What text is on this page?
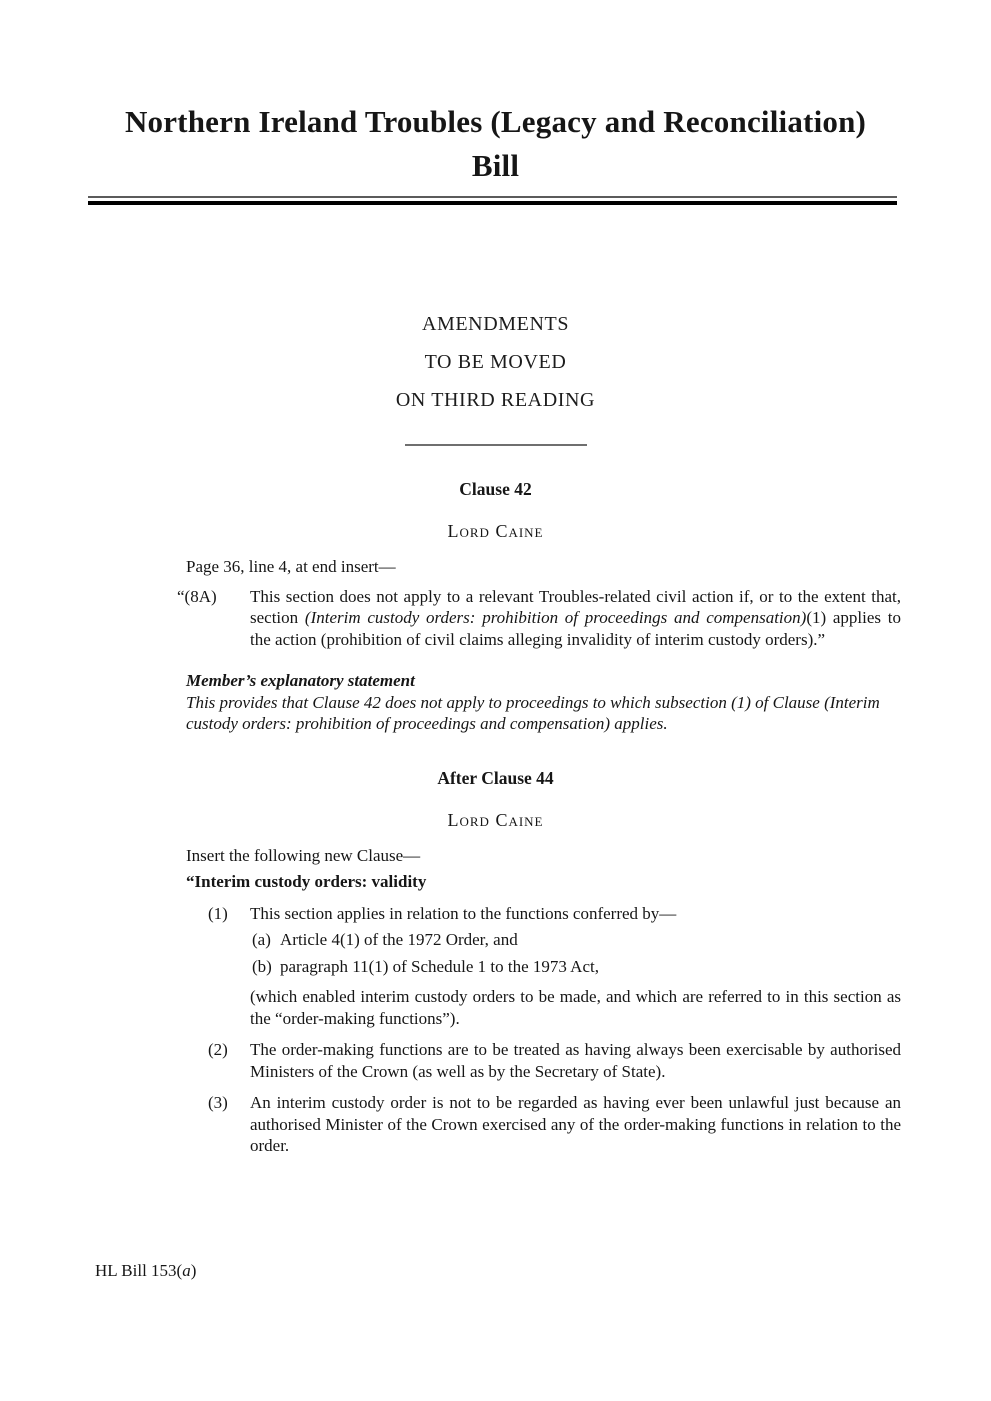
Northern Ireland Troubles (Legacy and Reconciliation)
Bill
AMENDMENTS
TO BE MOVED
ON THIRD READING
Clause 42
Lord Caine
Page 36, line 4, at end insert—
“(8A)	This section does not apply to a relevant Troubles-related civil action if, or to the extent that, section (Interim custody orders: prohibition of proceedings and compensation)(1) applies to the action (prohibition of civil claims alleging invalidity of interim custody orders).”
Member’s explanatory statement
This provides that Clause 42 does not apply to proceedings to which subsection (1) of Clause (Interim custody orders: prohibition of proceedings and compensation) applies.
After Clause 44
Lord Caine
Insert the following new Clause—
“Interim custody orders: validity
(1) This section applies in relation to the functions conferred by—
(a) Article 4(1) of the 1972 Order, and
(b) paragraph 11(1) of Schedule 1 to the 1973 Act,
(which enabled interim custody orders to be made, and which are referred to in this section as the “order-making functions”).
(2) The order-making functions are to be treated as having always been exercisable by authorised Ministers of the Crown (as well as by the Secretary of State).
(3) An interim custody order is not to be regarded as having ever been unlawful just because an authorised Minister of the Crown exercised any of the order-making functions in relation to the order.
HL Bill 153(a)
